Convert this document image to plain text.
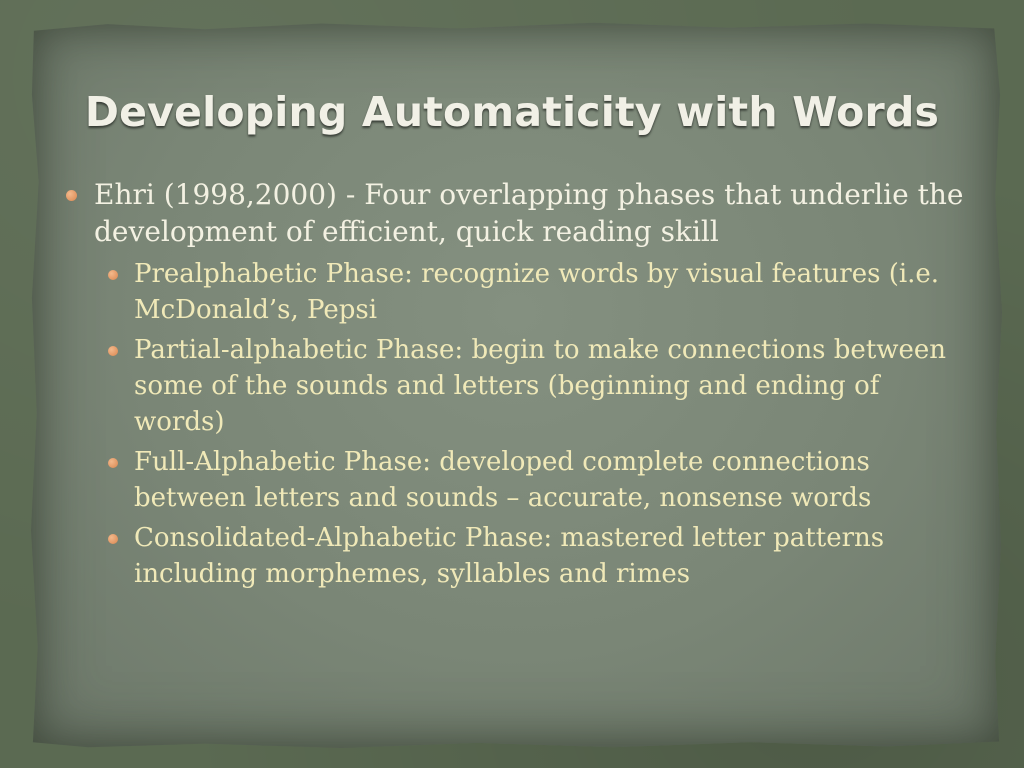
Developing Automaticity with Words
Ehri (1998,2000) - Four overlapping phases that underlie the development of efficient, quick reading skill
Prealphabetic Phase: recognize words by visual features (i.e. McDonald’s, Pepsi
Partial-alphabetic Phase: begin to make connections between some of the sounds and letters (beginning and ending of words)
Full-Alphabetic Phase: developed complete connections between letters and sounds – accurate, nonsense words
Consolidated-Alphabetic Phase: mastered letter patterns including morphemes, syllables and rimes
